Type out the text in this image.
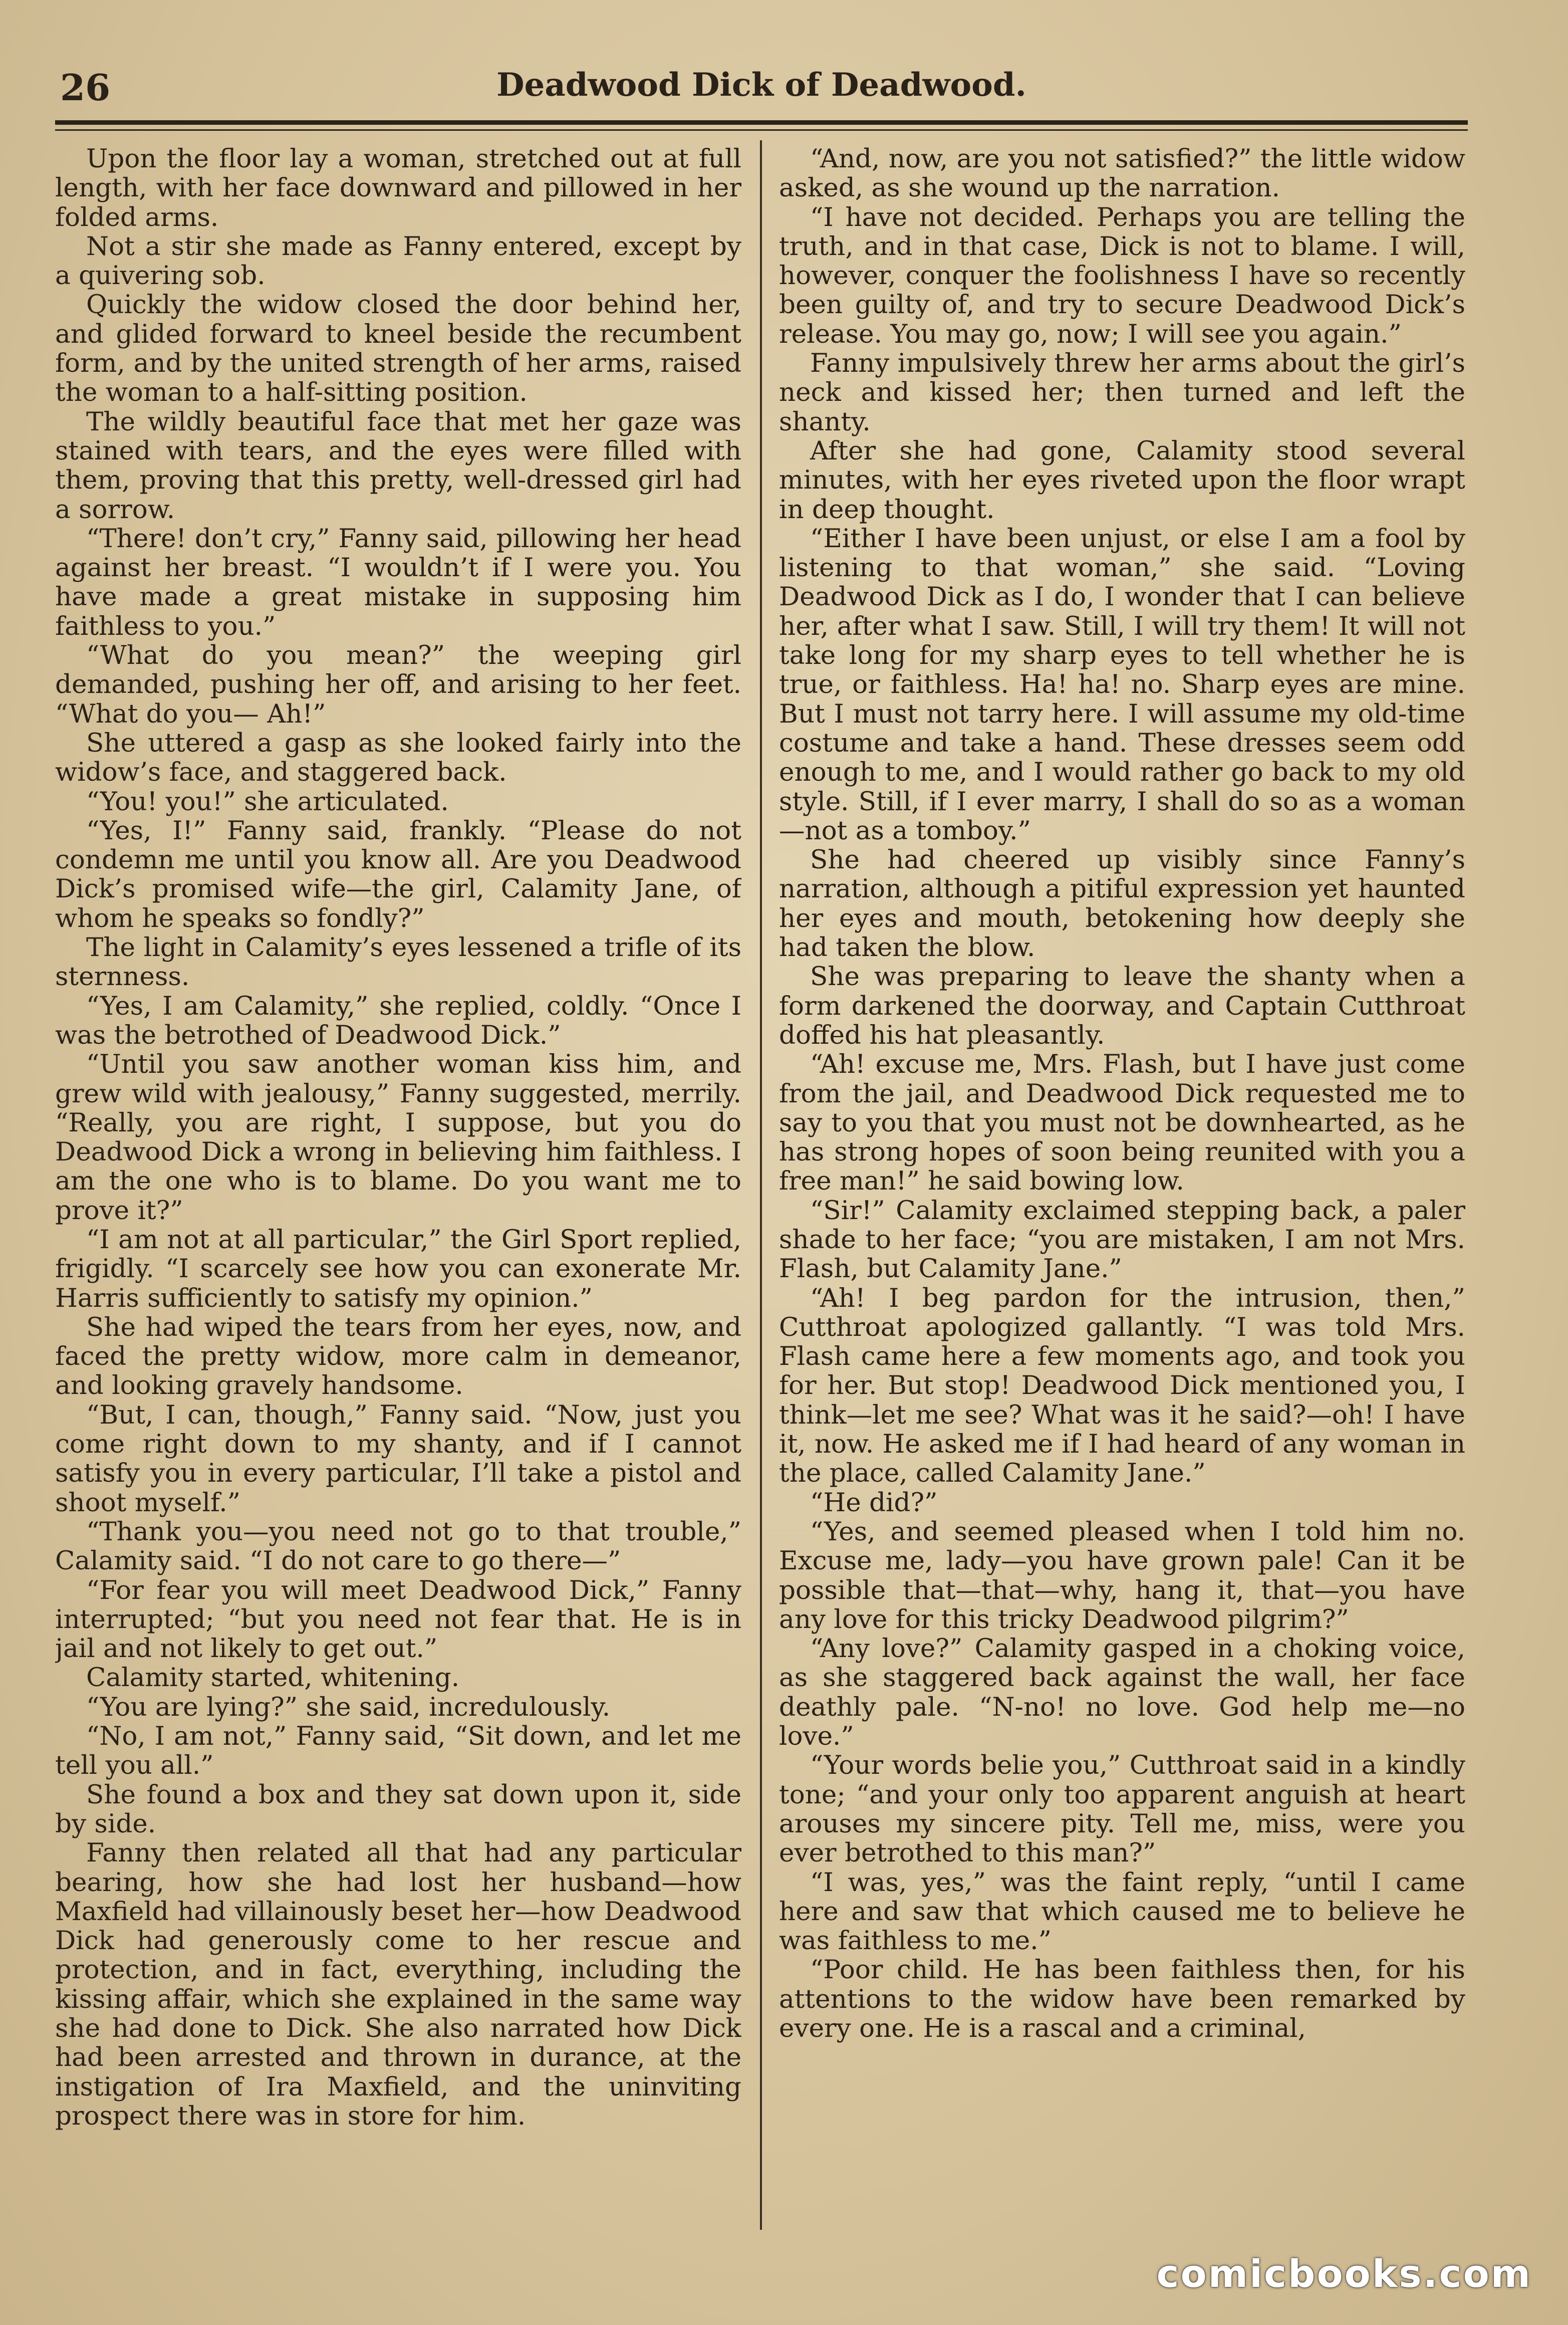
26	Deadwood Dick of Deadwood.

Upon the floor lay a woman, stretched out at full length, with her face downward and pillowed in her folded arms.

Not a stir she made as Fanny entered, except by a quivering sob.

Quickly the widow closed the door behind her, and glided forward to kneel beside the recumbent form, and by the united strength of her arms, raised the woman to a half-sitting position.

The wildly beautiful face that met her gaze was stained with tears, and the eyes were filled with them, proving that this pretty, well-dressed girl had a sorrow.

“There! don’t cry,” Fanny said, pillowing her head against her breast. “I wouldn’t if I were you. You have made a great mistake in supposing him faithless to you.”

“What do you mean?” the weeping girl demanded, pushing her off, and arising to her feet. “What do you— Ah!”

She uttered a gasp as she looked fairly into the widow’s face, and staggered back.

“You! you!” she articulated.

“Yes, I!” Fanny said, frankly. “Please do not condemn me until you know all. Are you Deadwood Dick’s promised wife—the girl, Calamity Jane, of whom he speaks so fondly?”

The light in Calamity’s eyes lessened a trifle of its sternness.

“Yes, I am Calamity,” she replied, coldly. “Once I was the betrothed of Deadwood Dick.”

“Until you saw another woman kiss him, and grew wild with jealousy,” Fanny suggested, merrily. “Really, you are right, I suppose, but you do Deadwood Dick a wrong in believing him faithless. I am the one who is to blame. Do you want me to prove it?”

“I am not at all particular,” the Girl Sport replied, frigidly. “I scarcely see how you can exonerate Mr. Harris sufficiently to satisfy my opinion.”

She had wiped the tears from her eyes, now, and faced the pretty widow, more calm in demeanor, and looking gravely handsome.

“But, I can, though,” Fanny said. “Now, just you come right down to my shanty, and if I cannot satisfy you in every particular, I’ll take a pistol and shoot myself.”

“Thank you—you need not go to that trouble,” Calamity said. “I do not care to go there—”

“For fear you will meet Deadwood Dick,” Fanny interrupted; “but you need not fear that. He is in jail and not likely to get out.”

Calamity started, whitening.

“You are lying?” she said, incredulously.

“No, I am not,” Fanny said, “Sit down, and let me tell you all.”

She found a box and they sat down upon it, side by side.

Fanny then related all that had any particular bearing, how she had lost her husband—how Maxfield had villainously beset her—how Deadwood Dick had generously come to her rescue and protection, and in fact, everything, including the kissing affair, which she explained in the same way she had done to Dick. She also narrated how Dick had been arrested and thrown in durance, at the instigation of Ira Maxfield, and the uninviting prospect there was in store for him.

“And, now, are you not satisfied?” the little widow asked, as she wound up the narration.

“I have not decided. Perhaps you are telling the truth, and in that case, Dick is not to blame. I will, however, conquer the foolishness I have so recently been guilty of, and try to secure Deadwood Dick’s release. You may go, now; I will see you again.”

Fanny impulsively threw her arms about the girl’s neck and kissed her; then turned and left the shanty.

After she had gone, Calamity stood several minutes, with her eyes riveted upon the floor wrapt in deep thought.

“Either I have been unjust, or else I am a fool by listening to that woman,” she said. “Loving Deadwood Dick as I do, I wonder that I can believe her, after what I saw. Still, I will try them! It will not take long for my sharp eyes to tell whether he is true, or faithless. Ha! ha! no. Sharp eyes are mine. But I must not tarry here. I will assume my old-time costume and take a hand. These dresses seem odd enough to me, and I would rather go back to my old style. Still, if I ever marry, I shall do so as a woman—not as a tomboy.”

She had cheered up visibly since Fanny’s narration, although a pitiful expression yet haunted her eyes and mouth, betokening how deeply she had taken the blow.

She was preparing to leave the shanty when a form darkened the doorway, and Captain Cutthroat doffed his hat pleasantly.

“Ah! excuse me, Mrs. Flash, but I have just come from the jail, and Deadwood Dick requested me to say to you that you must not be downhearted, as he has strong hopes of soon being reunited with you a free man!” he said bowing low.

“Sir!” Calamity exclaimed stepping back, a paler shade to her face; “you are mistaken, I am not Mrs. Flash, but Calamity Jane.”

“Ah! I beg pardon for the intrusion, then,” Cutthroat apologized gallantly. “I was told Mrs. Flash came here a few moments ago, and took you for her. But stop! Deadwood Dick mentioned you, I think—let me see? What was it he said?—oh! I have it, now. He asked me if I had heard of any woman in the place, called Calamity Jane.”

“He did?”

“Yes, and seemed pleased when I told him no. Excuse me, lady—you have grown pale! Can it be possible that—that—why, hang it, that—you have any love for this tricky Deadwood pilgrim?”

“Any love?” Calamity gasped in a choking voice, as she staggered back against the wall, her face deathly pale. “N-no! no love. God help me—no love.”

“Your words belie you,” Cutthroat said in a kindly tone; “and your only too apparent anguish at heart arouses my sincere pity. Tell me, miss, were you ever betrothed to this man?”

“I was, yes,” was the faint reply, “until I came here and saw that which caused me to believe he was faithless to me.”

“Poor child. He has been faithless then, for his attentions to the widow have been remarked by every one. He is a rascal and a criminal,

comicbooks.com
